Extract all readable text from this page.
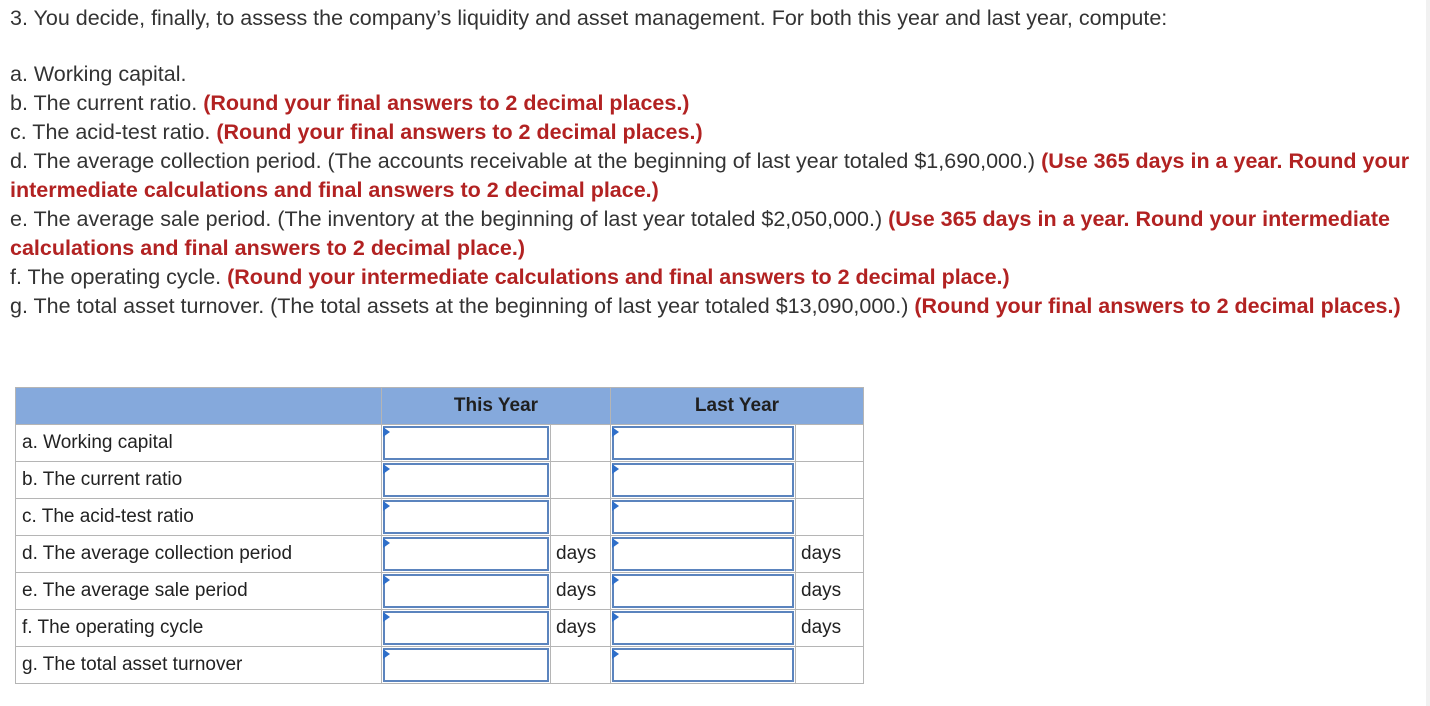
3. You decide, finally, to assess the company’s liquidity and asset management. For both this year and last year, compute:

a. Working capital.

b. The current ratio. (Round your final answers to 2 decimal places.)

c. The acid-test ratio. (Round your final answers to 2 decimal places.)

d. The average collection period. (The accounts receivable at the beginning of last year totaled $1,690,000.) (Use 365 days in a year. Round your intermediate calculations and final answers to 2 decimal place.)

e. The average sale period. (The inventory at the beginning of last year totaled $2,050,000.) (Use 365 days in a year. Round your intermediate calculations and final answers to 2 decimal place.)

f. The operating cycle. (Round your intermediate calculations and final answers to 2 decimal place.)

g. The total asset turnover. (The total assets at the beginning of last year totaled $13,090,000.) (Round your final answers to 2 decimal places.)

	This Year		Last Year	
a. Working capital	

b. The current ratio	

c. The acid-test ratio	

d. The average collection period		days		days
e. The average sale period		days		days
f. The operating cycle		days		days
g. The total asset turnover	
